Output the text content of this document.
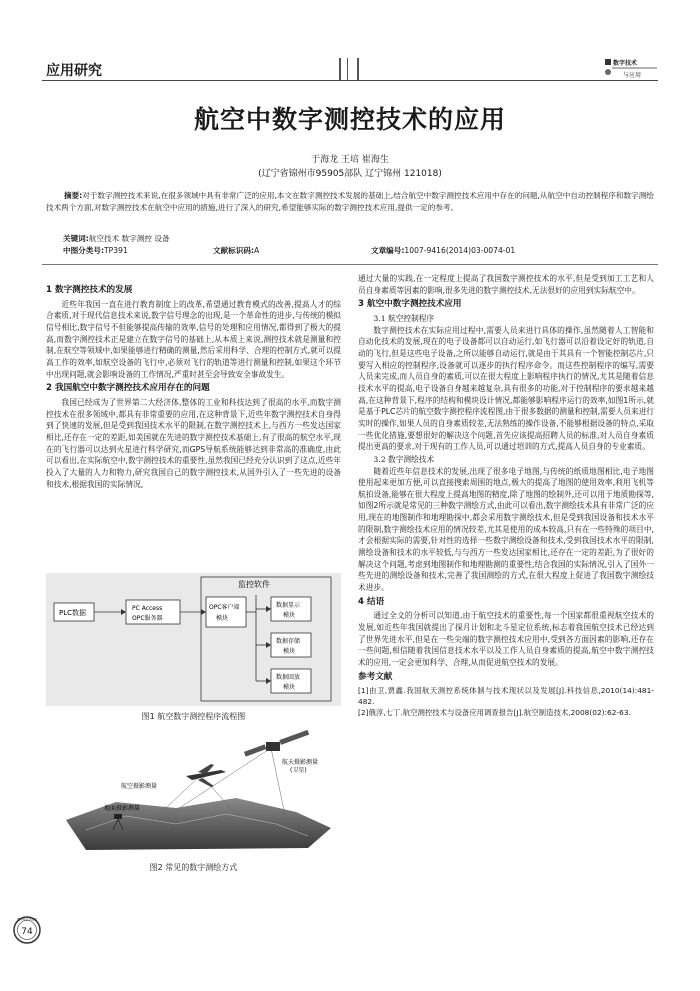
应用研究	数字技术
与应用
航空中数字测控技术的应用
于海龙 王培 崔海生
(辽宁省锦州市95905部队 辽宁锦州 121018)
摘要:对于数字测控技术来说,在很多领域中具有非常广泛的应用,本文在数字测控技术发展的基础上,结合航空中数字测控技术应用中存在的问题,从航空中自动控制程序和数字测绘技术两个方面,对数字测控技术在航空中应用的措施,进行了深入的研究,希望能够实际的数字测控技术应用,提供一定的参考。
关键词:航空技术 数字测控 设备
中图分类号:TP391	文献标识码:A	文章编号:1007-9416(2014)03-0074-01
1 数字测控技术的发展

近些年我国一直在进行教育制度上的改革,希望通过教育模式的改善,提高人才的综合素质,对于现代信息技术来说,数字信号理念的出现,是一个革命性的进步,与传统的模拟信号相比,数字信号不但能够提高传输的效率,信号的处理和应用情况,都得到了极大的提高,而数字测控技术正是建立在数字信号的基础上,从本质上来说,测控技术就是测量和控制,在航空等领域中,如果能够进行精确的测量,然后采用科学、合理的控制方式,就可以提高工作的效率,如航空设备的飞行中,必须对飞行的轨道等进行测量和控制,如果这个环节中出现问题,就会影响设备的工作情况,严重时甚至会导致安全事故发生。

2 我国航空中数字测控技术应用存在的问题

我国已经成为了世界第二大经济体,整体的工业和科技达到了很高的水平,而数字测控技术在很多领域中,都具有非常重要的应用,在这种背景下,近些年数字测控技术自身得到了快速的发展,但是受到我国技术水平的限制,在数字测控技术上,与西方一些发达国家相比,还存在一定的差距,如美国就在先进的数字测控技术基础上,有了很高的航空水平,现在的飞行器可以达到火星进行科学研究,而GPS导航系统能够达到非常高的准确度,由此可以看出,在实际航空中,数字测控技术的重要性,虽然我国已经充分认识到了这点,近些年投入了大量的人力和物力,研究我国自己的数字测控技术,从国外引入了一些先进的设备和技术,根据我国的实际情况,

监控软件
PLC数据
PC Access
OPC服务器
OPC客户端
模块
数据显示
模块
数据存储
模块
数据回放
模块
图1 航空数字测控程序流程图
航天摄影测量
(卫星)
航空摄影测量
地面摄影测量
图2 常见的数字测绘方式

通过大量的实践,在一定程度上提高了我国数字测控技术的水平,但是受到加工工艺和人员自身素质等因素的影响,很多先进的数字测控技术,无法很好的应用到实际航空中。

3 航空中数字测控技术应用
3.1 航空控制程序

数字测控技术在实际应用过程中,需要人员来进行具体的操作,虽然随着人工智能和自动化技术的发展,现在的电子设备都可以自动运行,如飞行器可以沿着设定好的轨道,自动的飞行,但是这些电子设备,之所以能够自动运行,就是由于其具有一个智能控制芯片,只要写入相应的控制程序,设备就可以逐步的执行程序命令。而这些控制程序的编写,需要人员来完成,而人员自身的素质,可以在很大程度上影响程序执行的情况,尤其是随着信息技术水平的提高,电子设备自身越来越复杂,具有很多的功能,对于控制程序的要求越来越高,在这种背景下,程序的结构和模块设计情况,都能够影响程序运行的效率,如图1所示,就是基于PLC芯片的航空数字测控程序流程图,由于很多数据的测量和控制,需要人员来进行实时的操作,如果人员的自身素质较差,无法熟练的操作设备,不能够根据设备的特点,采取一些优化措施,要想很好的解决这个问题,首先应该提高招聘人员的标准,对人员自身素质提出更高的要求,对于现有的工作人员,可以通过培训的方式,提高人员自身的专业素质。

3.2 数字测绘技术

随着近些年信息技术的发展,出现了很多电子地图,与传统的纸质地图相比,电子地图使用起来更加方便,可以直接搜索周围的地点,极大的提高了地图的使用效率,利用飞机等航拍设备,能够在很大程度上提高地图的精度,除了地图的绘制外,还可以用于地质勘探等,如图2所示就是常见的三种数字测绘方式,由此可以看出,数字测绘技术具有非常广泛的应用,现在的地图制作和地理勘探中,都会采用数字测绘技术,但是受到我国设备和技术水平的限制,数字测绘技术应用的情况较差,尤其是使用的成本较高,只有在一些特殊的项目中,才会根据实际的需要,针对性的选择一些数字测绘设备和技术,受到我国技术水平的限制,测绘设备和技术的水平较低,与与西方一些发达国家相比,还存在一定的差距,为了很好的解决这个问题,考虑到地图制作和地理勘测的重要性,结合我国的实际情况,引入了国外一些先进的测绘设备和技术,完善了我国测绘的方式,在很大程度上促进了我国数字测绘技术进步。

4 结语

通过全文的分析可以知道,由于航空技术的重要性,每一个国家都很重视航空技术的发展,如近些年我国就提出了探月计划和北斗星定位系统,标志着我国航空技术已经达到了世界先进水平,但是在一些尖端的数字测控技术应用中,受到各方面因素的影响,还存在一些问题,相信随着我国信息技术水平以及工作人员自身素质的提高,航空中数字测控技术的应用,一定会更加科学、合理,从而促进航空技术的发展。

参考文献

[1]由卫,贾鑫.我国航天测控系统体制与技术现状以及发展[J].科技信息,2010(14):481-482.

[2]俄淳,七丁.航空测控技术与设备应用调查报告[J].航空制造技术,2008(02):62-63.

数字技术与应用
74
